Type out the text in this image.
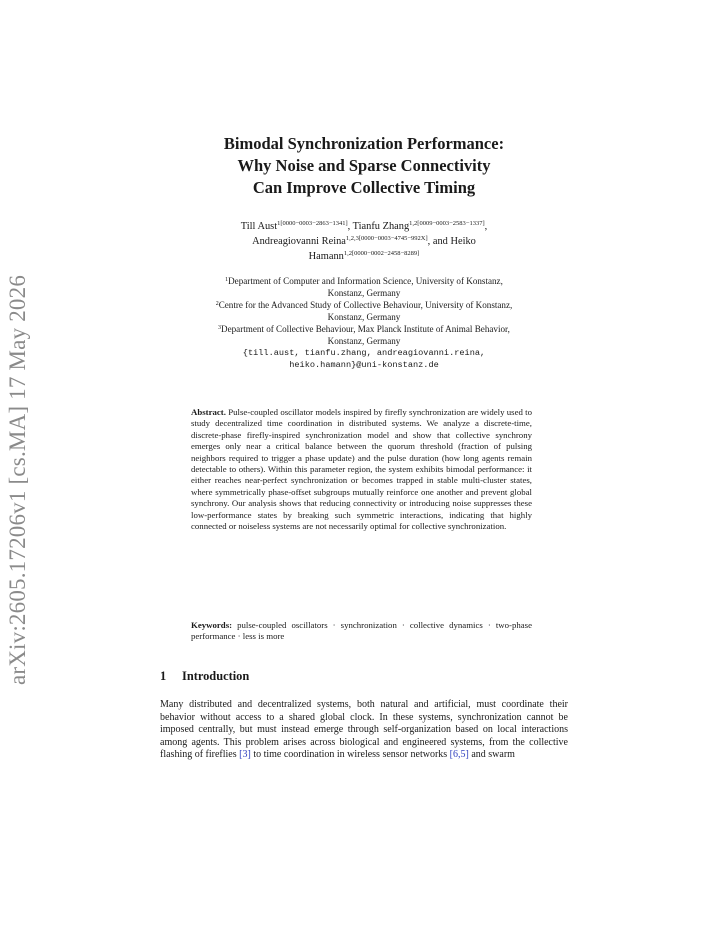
arXiv:2605.17206v1 [cs.MA] 17 May 2026
Bimodal Synchronization Performance:
Why Noise and Sparse Connectivity
Can Improve Collective Timing
Till Aust$^{1[0000-0003-2863-1341]}$, Tianfu Zhang$^{1,2[0009-0003-2583-1337]}$,
Andreagiovanni Reina$^{1,2,3[0000-0003-4745-992X]}$, and Heiko
Hamann$^{1,2[0000-0002-2458-8289]}$
$^1$Department of Computer and Information Science, University of Konstanz,
Konstanz, Germany
$^2$Centre for the Advanced Study of Collective Behaviour, University of Konstanz,
Konstanz, Germany
$^3$Department of Collective Behaviour, Max Planck Institute of Animal Behavior,
Konstanz, Germany
{till.aust, tianfu.zhang, andreagiovanni.reina,
heiko.hamann}@uni-konstanz.de
Abstract. Pulse-coupled oscillator models inspired by firefly synchronization are widely used to study decentralized time coordination in distributed systems. We analyze a discrete-time, discrete-phase firefly-inspired synchronization model and show that collective synchrony emerges only near a critical balance between the quorum threshold (fraction of pulsing neighbors required to trigger a phase update) and the pulse duration (how long agents remain detectable to others). Within this parameter region, the system exhibits bimodal performance: it either reaches near-perfect synchronization or becomes trapped in stable multi-cluster states, where symmetrically phase-offset subgroups mutually reinforce one another and prevent global synchrony. Our analysis shows that reducing connectivity or introducing noise suppresses these low-performance states by breaking such symmetric interactions, indicating that highly connected or noiseless systems are not necessarily optimal for collective synchronization.
Keywords: pulse-coupled oscillators · synchronization · collective dynamics · two-phase performance · less is more
1 Introduction
Many distributed and decentralized systems, both natural and artificial, must coordinate their behavior without access to a shared global clock. In these systems, synchronization cannot be imposed centrally, but must instead emerge through self-organization based on local interactions among agents. This problem arises across biological and engineered systems, from the collective flashing of fireflies [3] to time coordination in wireless sensor networks [6,5] and swarm
